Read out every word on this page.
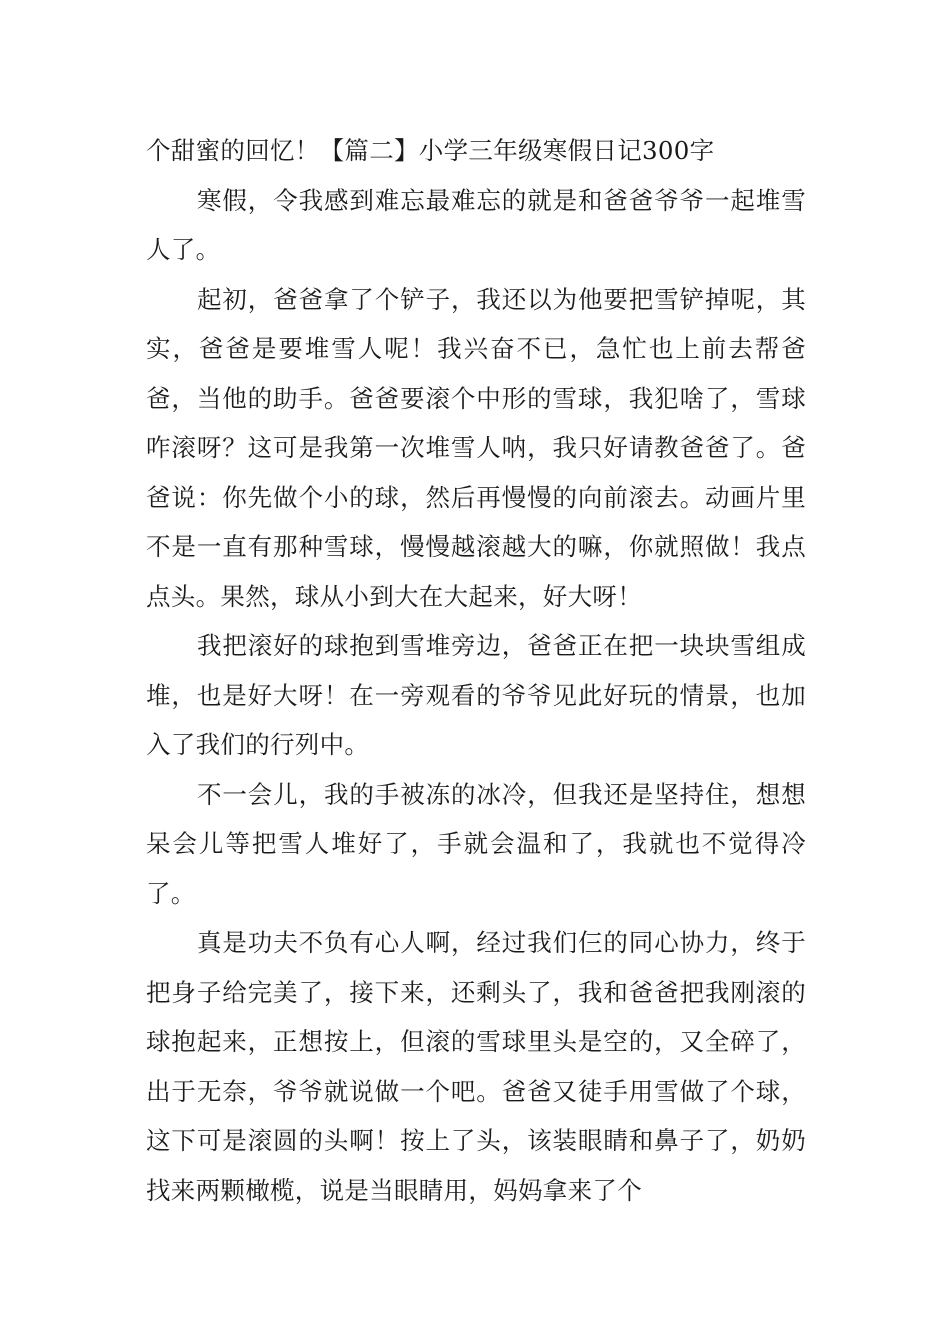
个甜蜜的回忆！【篇二】小学三年级寒假日记300字

寒假，令我感到难忘最难忘的就是和爸爸爷爷一起堆雪人了。

起初，爸爸拿了个铲子，我还以为他要把雪铲掉呢，其实，爸爸是要堆雪人呢！我兴奋不已，急忙也上前去帮爸爸，当他的助手。爸爸要滚个中形的雪球，我犯啥了，雪球咋滚呀？这可是我第一次堆雪人呐，我只好请教爸爸了。爸爸说：你先做个小的球，然后再慢慢的向前滚去。动画片里不是一直有那种雪球，慢慢越滚越大的嘛，你就照做！我点点头。果然，球从小到大在大起来，好大呀！

我把滚好的球抱到雪堆旁边，爸爸正在把一块块雪组成堆，也是好大呀！在一旁观看的爷爷见此好玩的情景，也加入了我们的行列中。

不一会儿，我的手被冻的冰冷，但我还是坚持住，想想呆会儿等把雪人堆好了，手就会温和了，我就也不觉得冷了。

真是功夫不负有心人啊，经过我们仨的同心协力，终于把身子给完美了，接下来，还剩头了，我和爸爸把我刚滚的球抱起来，正想按上，但滚的雪球里头是空的，又全碎了，出于无奈，爷爷就说做一个吧。爸爸又徒手用雪做了个球，这下可是滚圆的头啊！按上了头，该装眼睛和鼻子了，奶奶找来两颗橄榄，说是当眼睛用，妈妈拿来了个
